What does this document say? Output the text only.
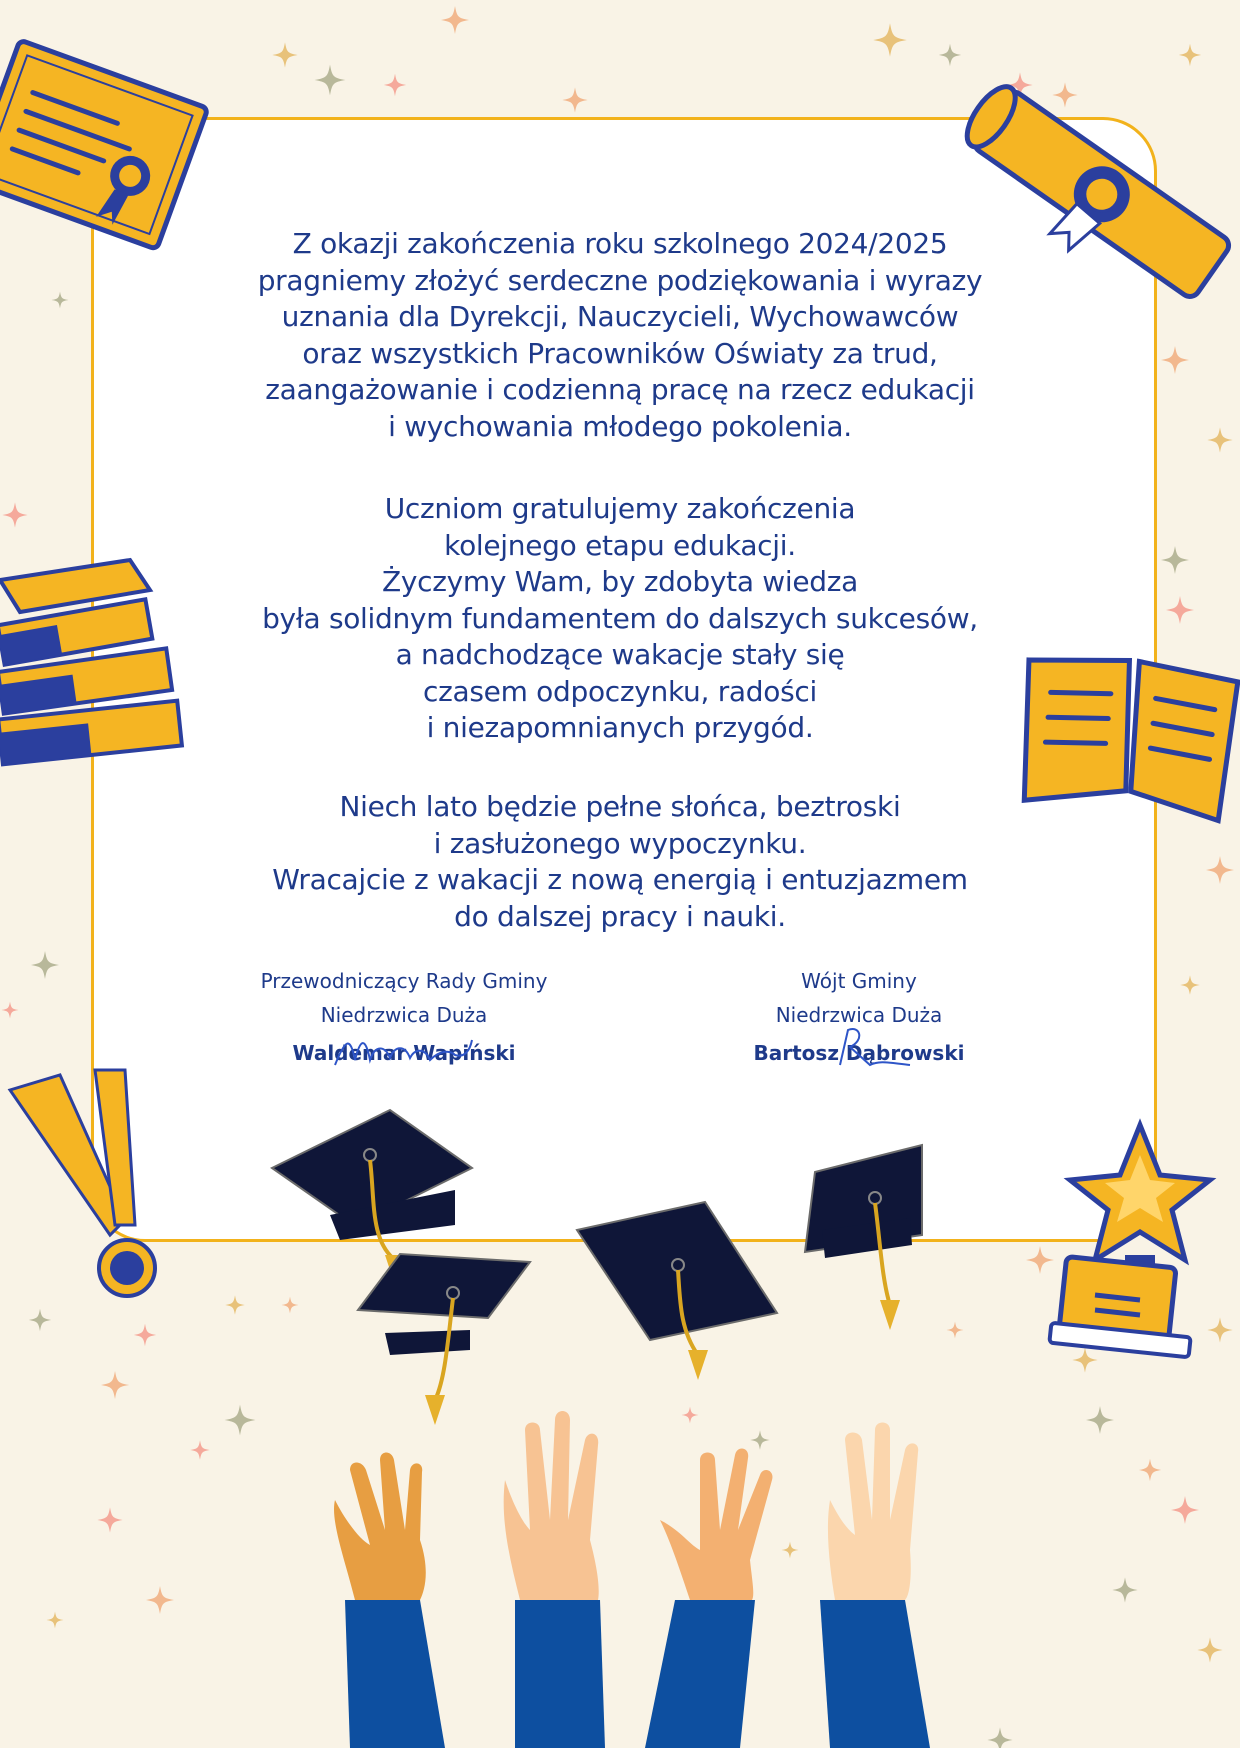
Z okazji zakończenia roku szkolnego 2024/2025
pragniemy złożyć serdeczne podziękowania i wyrazy
uznania dla Dyrekcji, Nauczycieli, Wychowawców
oraz wszystkich Pracowników Oświaty za trud,
zaangażowanie i codzienną pracę na rzecz edukacji
i wychowania młodego pokolenia.
Uczniom gratulujemy zakończenia
kolejnego etapu edukacji.
Życzymy Wam, by zdobyta wiedza
była solidnym fundamentem do dalszych sukcesów,
a nadchodzące wakacje stały się
czasem odpoczynku, radości
i niezapomnianych przygód.
Niech lato będzie pełne słońca, beztroski
i zasłużonego wypoczynku.
Wracajcie z wakacji z nową energią i entuzjazmem
do dalszej pracy i nauki.
Przewodniczący Rady Gminy
Niedrzwica Duża
Waldemar Wapiński
Wójt Gminy
Niedrzwica Duża
Bartosz Dąbrowski
